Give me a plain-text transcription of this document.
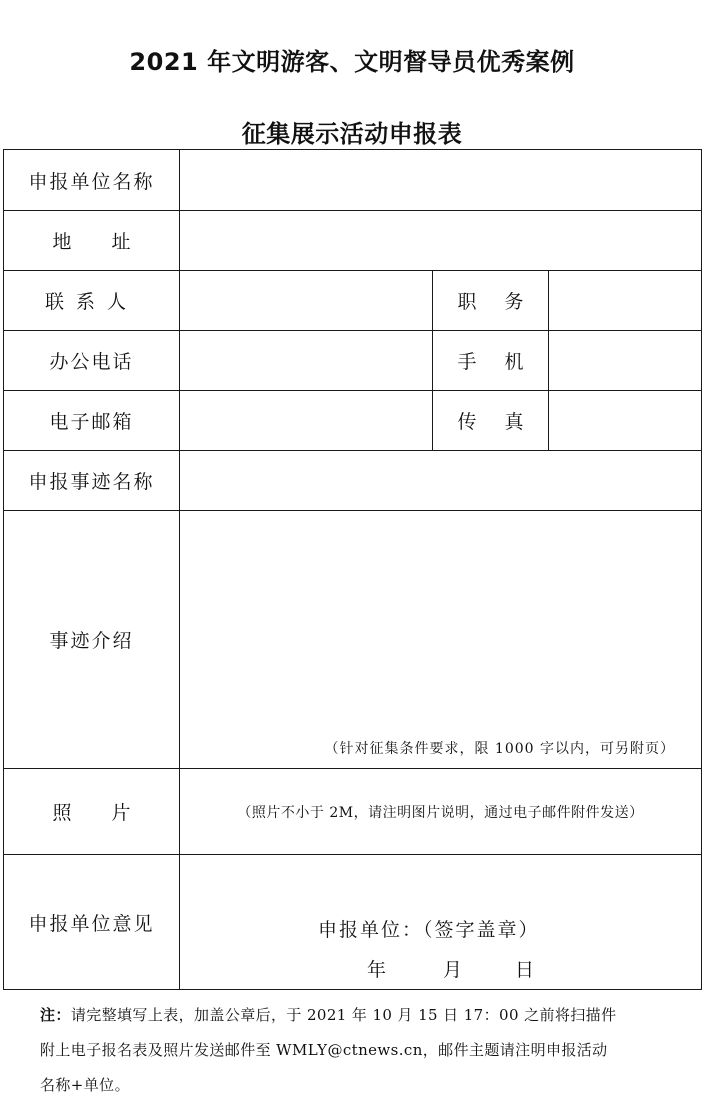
2021 年文明游客、文明督导员优秀案例
征集展示活动申报表
申报单位名称			
地址			
联系人		职务	
办公电话		手机	
电子邮箱		传真	
申报事迹名称			
事迹介绍	（针对征集条件要求，限 1000 字以内，可另附页）		

照片	（照片不小于 2M，请注明图片说明，通过电子邮件附件发送）		

申报单位意见	申报单位：（签字盖章）
年 月 日		
注：请完整填写上表，加盖公章后，于 2021 年 10 月 15 日 17：00 之前将扫描件
附上电子报名表及照片发送邮件至 WMLY@ctnews.cn，邮件主题请注明申报活动
名称+单位。
